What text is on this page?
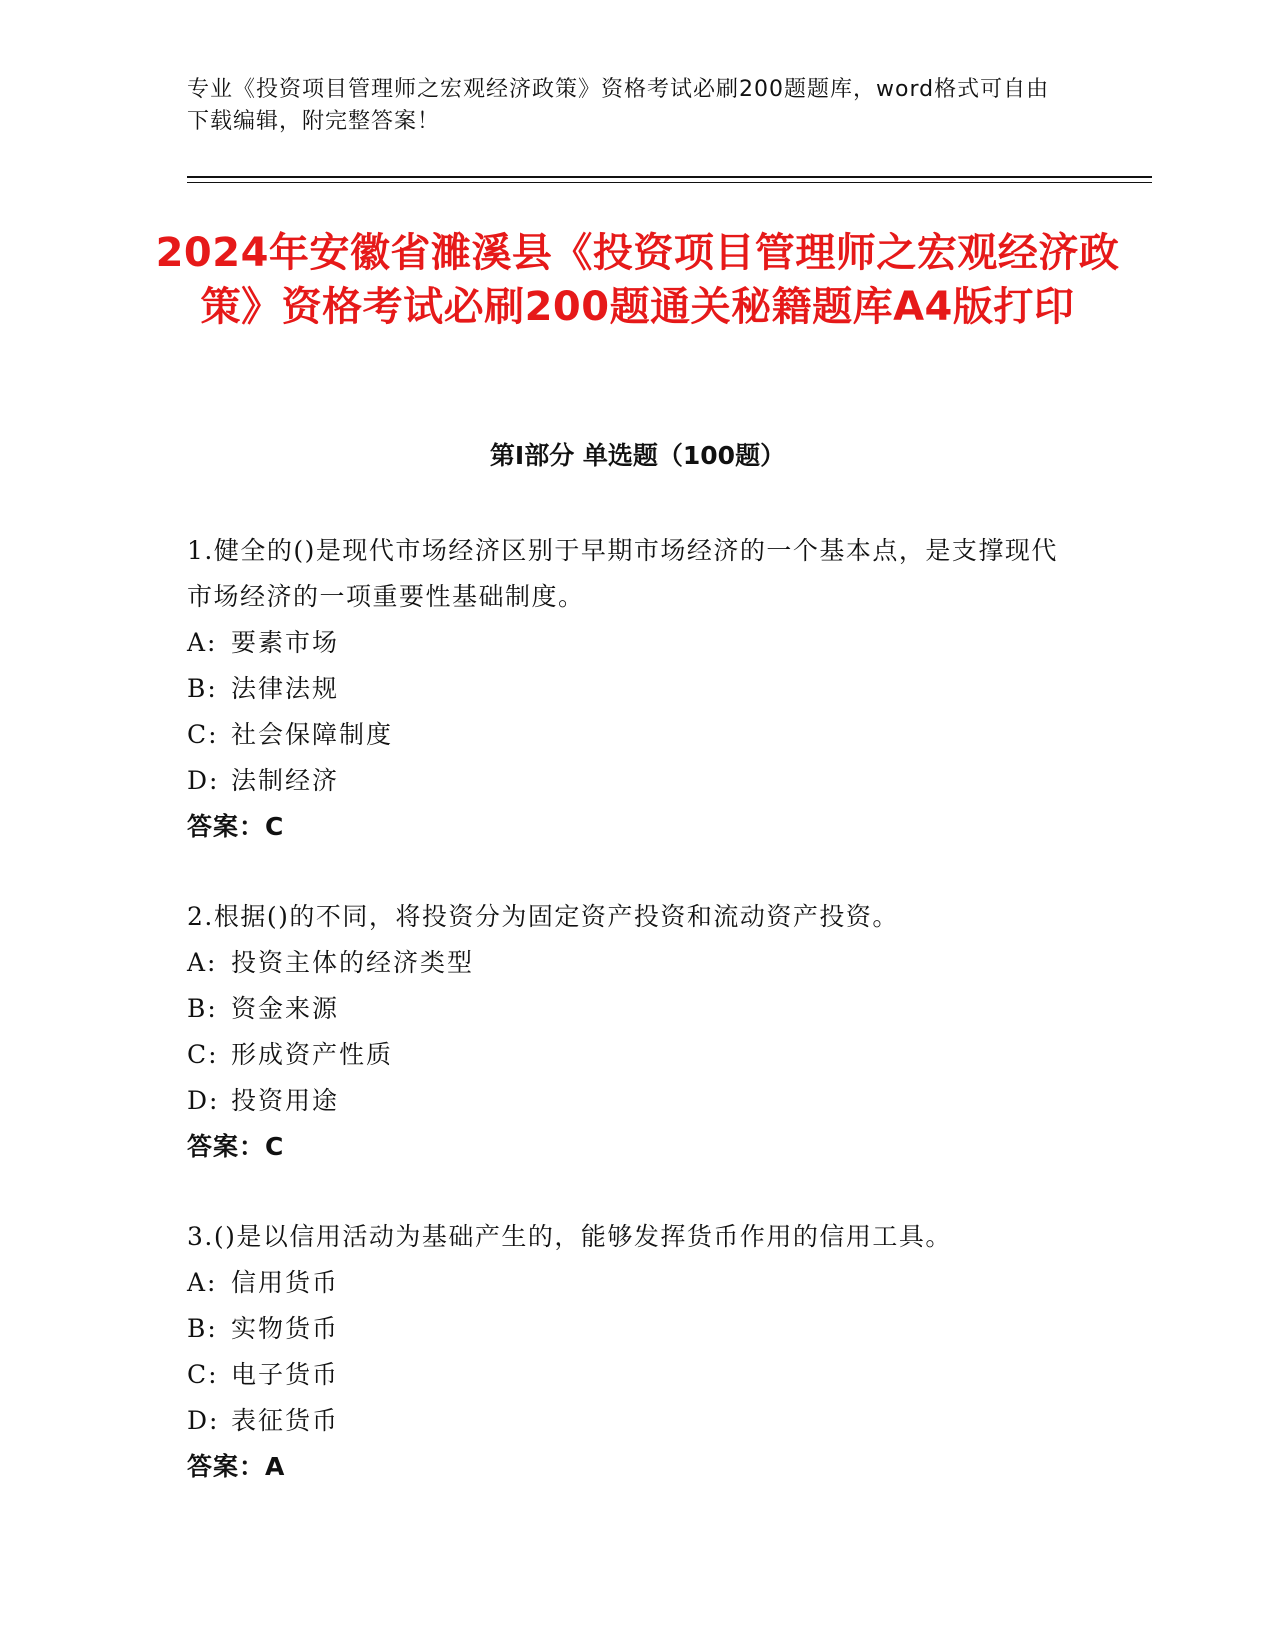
专业《投资项目管理师之宏观经济政策》资格考试必刷200题题库，word格式可自由下载编辑，附完整答案！
2024年安徽省濉溪县《投资项目管理师之宏观经济政策》资格考试必刷200题通关秘籍题库A4版打印
第I部分 单选题（100题）
1.健全的()是现代市场经济区别于早期市场经济的一个基本点，是支撑现代市场经济的一项重要性基础制度。
A: 要素市场
B: 法律法规
C: 社会保障制度
D: 法制经济
答案：C
2.根据()的不同，将投资分为固定资产投资和流动资产投资。
A: 投资主体的经济类型
B: 资金来源
C: 形成资产性质
D: 投资用途
答案：C
3.()是以信用活动为基础产生的，能够发挥货币作用的信用工具。
A: 信用货币
B: 实物货币
C: 电子货币
D: 表征货币
答案：A
